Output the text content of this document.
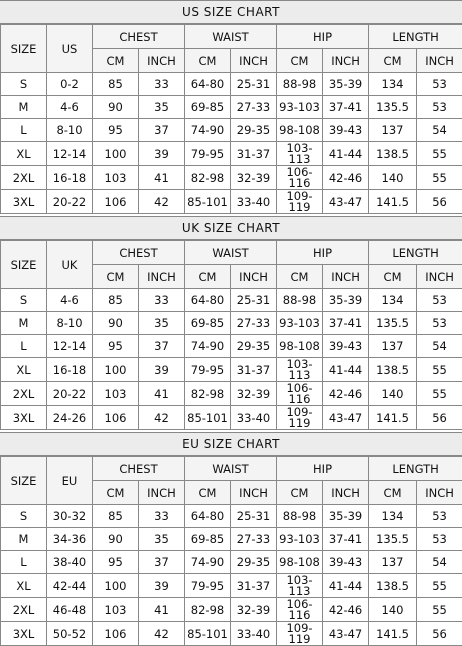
US SIZE CHART
SIZE	US	CHEST		WAIST		HIP		LENGTH	
		CM	INCH	CM	INCH	CM	INCH	CM	INCH
S	0-2	85	33	64-80	25-31	88-98	35-39	134	53
M	4-6	90	35	69-85	27-33	93-103	37-41	135.5	53
L	8-10	95	37	74-90	29-35	98-108	39-43	137	54
XL	12-14	100	39	79-95	31-37	103-113	41-44	138.5	55
2XL	16-18	103	41	82-98	32-39	106-116	42-46	140	55
3XL	20-22	106	42	85-101	33-40	109-119	43-47	141.5	56
UK SIZE CHART
SIZE	UK	CHEST		WAIST		HIP		LENGTH	
		CM	INCH	CM	INCH	CM	INCH	CM	INCH
S	4-6	85	33	64-80	25-31	88-98	35-39	134	53
M	8-10	90	35	69-85	27-33	93-103	37-41	135.5	53
L	12-14	95	37	74-90	29-35	98-108	39-43	137	54
XL	16-18	100	39	79-95	31-37	103-113	41-44	138.5	55
2XL	20-22	103	41	82-98	32-39	106-116	42-46	140	55
3XL	24-26	106	42	85-101	33-40	109-119	43-47	141.5	56
EU SIZE CHART
SIZE	EU	CHEST		WAIST		HIP		LENGTH	
		CM	INCH	CM	INCH	CM	INCH	CM	INCH
S	30-32	85	33	64-80	25-31	88-98	35-39	134	53
M	34-36	90	35	69-85	27-33	93-103	37-41	135.5	53
L	38-40	95	37	74-90	29-35	98-108	39-43	137	54
XL	42-44	100	39	79-95	31-37	103-113	41-44	138.5	55
2XL	46-48	103	41	82-98	32-39	106-116	42-46	140	55
3XL	50-52	106	42	85-101	33-40	109-119	43-47	141.5	56
